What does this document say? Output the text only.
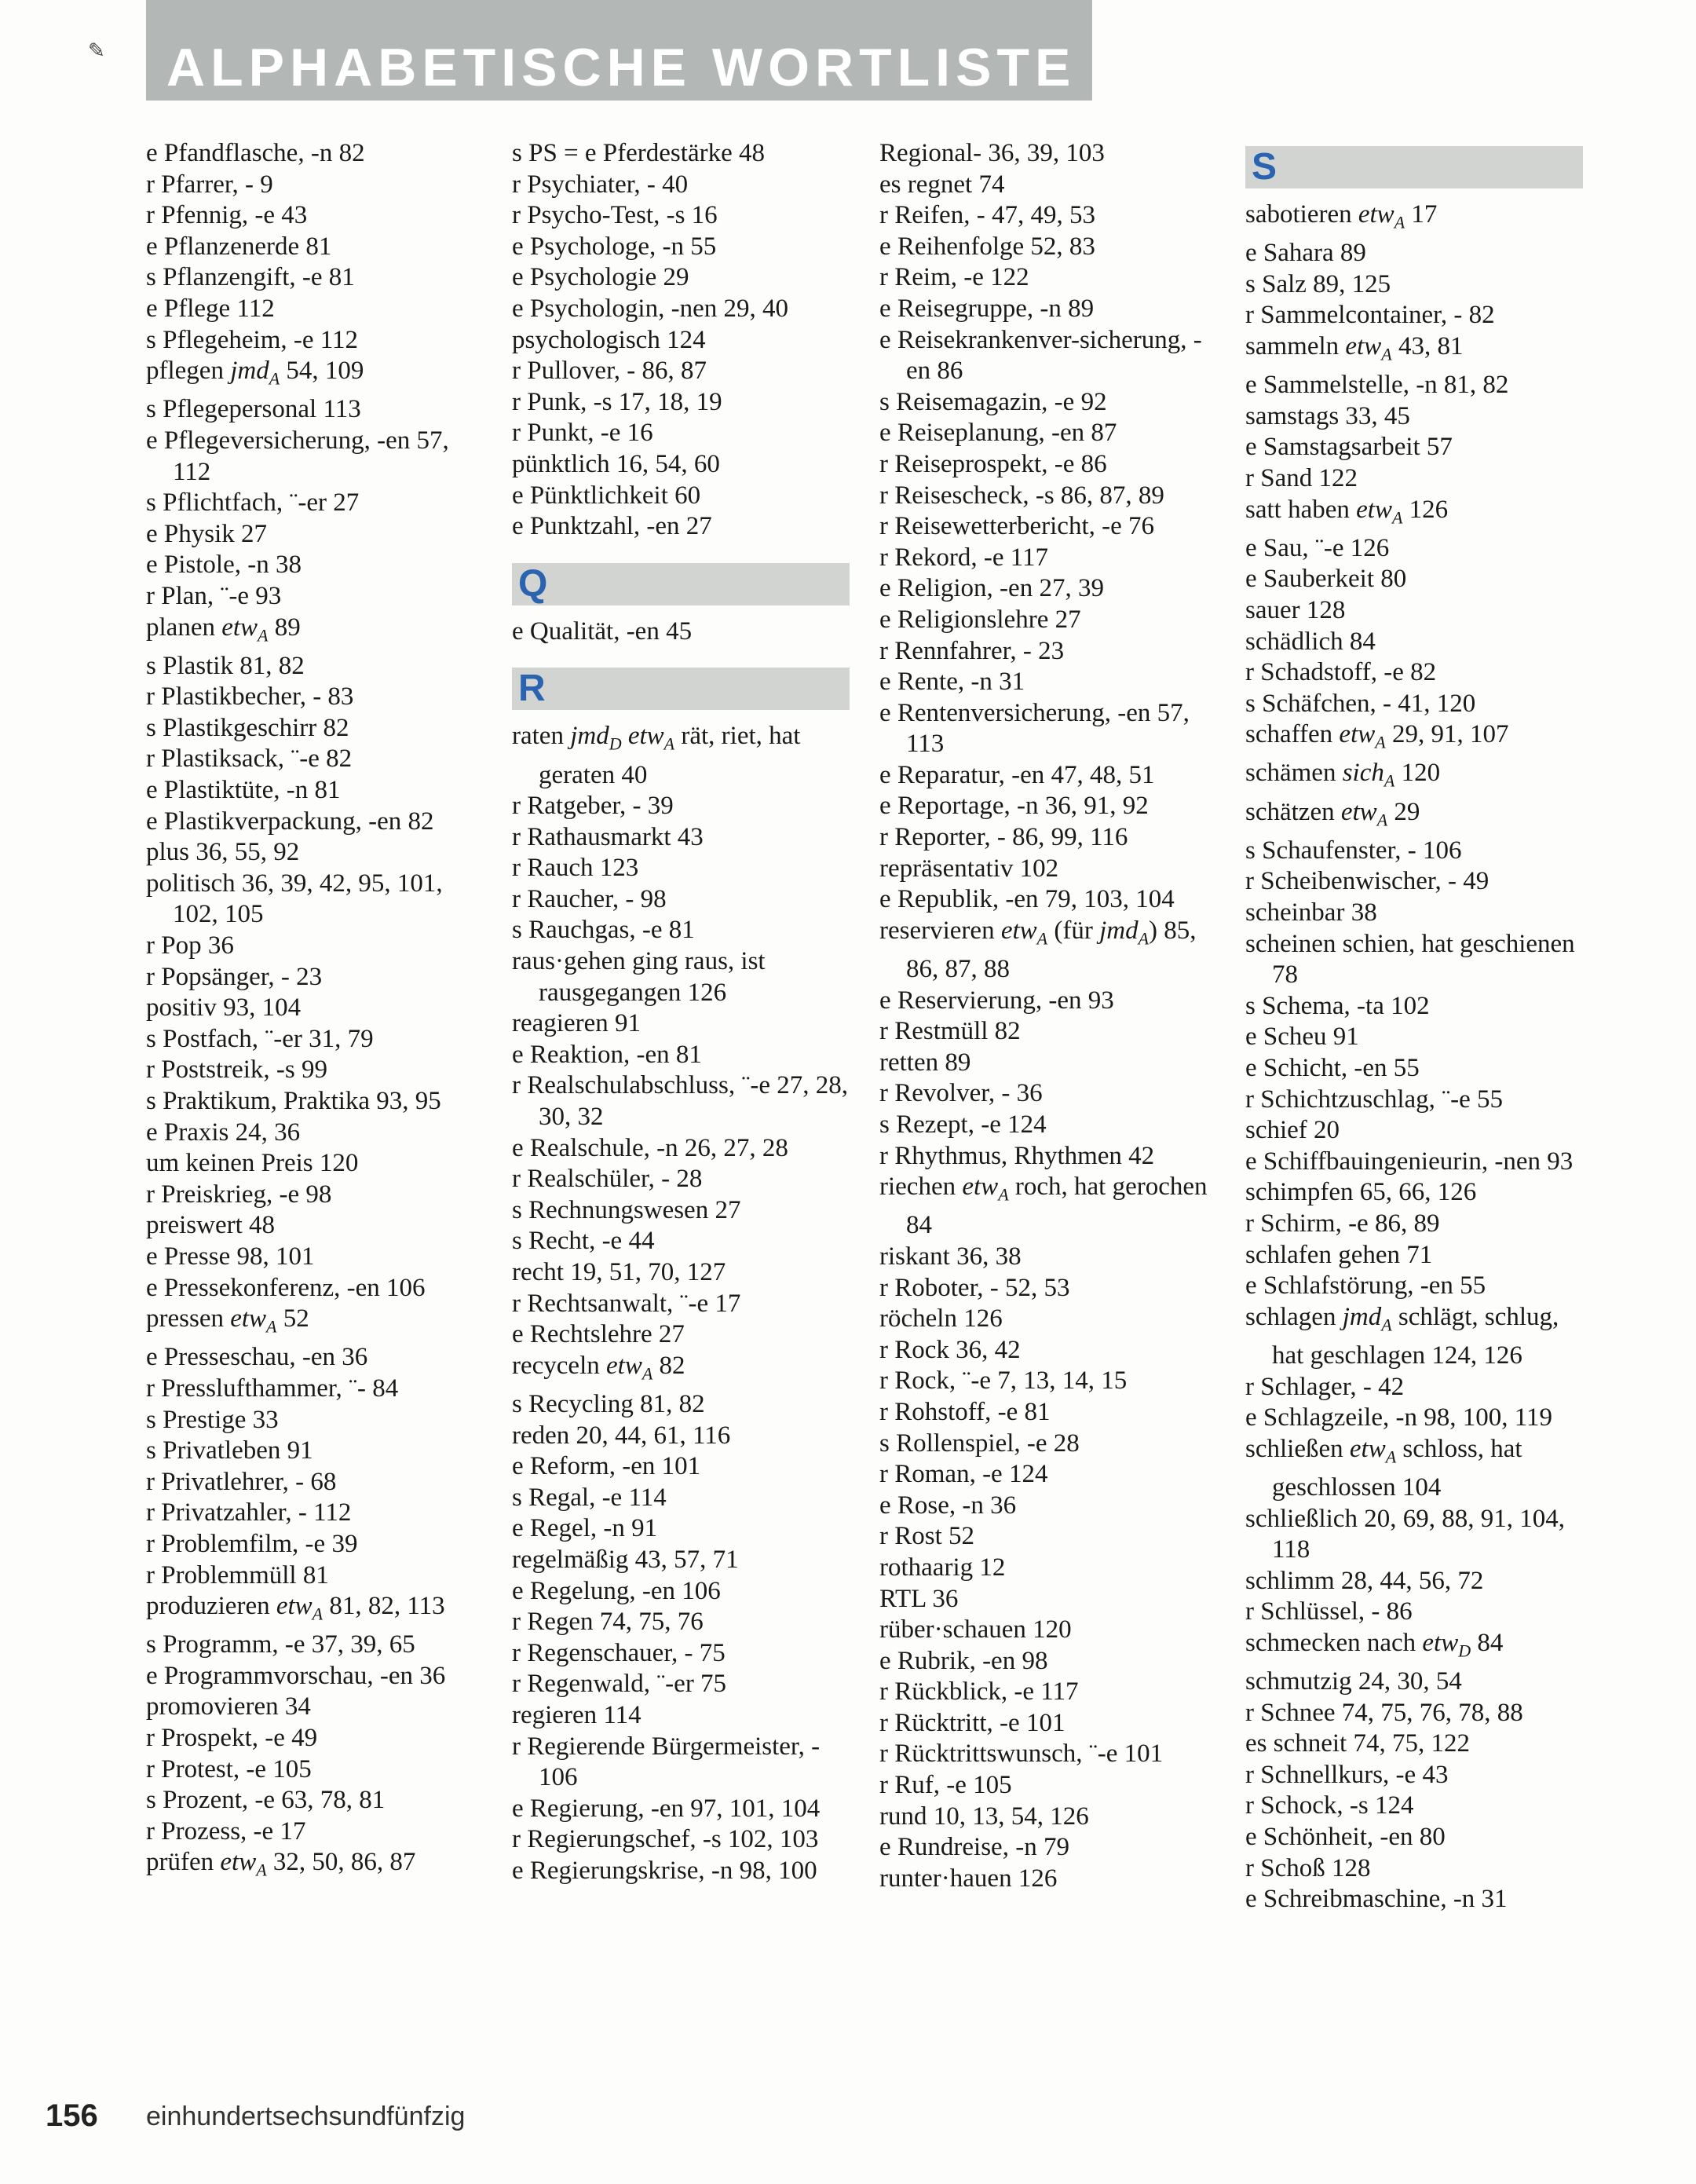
ALPHABETISCHE WORTLISTE
✎

e Pfandflasche, -n 82

r Pfarrer, - 9

r Pfennig, -e 43

e Pflanzenerde 81

s Pflanzengift, -e 81

e Pflege 112

s Pflegeheim, -e 112

pflegen jmd$_A$ 54, 109

s Pflegepersonal 113

e Pflegeversicherung, -en 57, 112

s Pflichtfach, ¨-er 27

e Physik 27

e Pistole, -n 38

r Plan, ¨-e 93

planen etw$_A$ 89

s Plastik 81, 82

r Plastikbecher, - 83

s Plastikgeschirr 82

r Plastiksack, ¨-e 82

e Plastiktüte, -n 81

e Plastikverpackung, -en 82

plus 36, 55, 92

politisch 36, 39, 42, 95, 101, 102, 105

r Pop 36

r Popsänger, - 23

positiv 93, 104

s Postfach, ¨-er 31, 79

r Poststreik, -s 99

s Praktikum, Praktika 93, 95

e Praxis 24, 36

um keinen Preis 120

r Preiskrieg, -e 98

preiswert 48

e Presse 98, 101

e Pressekonferenz, -en 106

pressen etw$_A$ 52

e Presseschau, -en 36

r Presslufthammer, ¨- 84

s Prestige 33

s Privatleben 91

r Privatlehrer, - 68

r Privatzahler, - 112

r Problemfilm, -e 39

r Problemmüll 81

produzieren etw$_A$ 81, 82, 113

s Programm, -e 37, 39, 65

e Programmvorschau, -en 36

promovieren 34

r Prospekt, -e 49

r Protest, -e 105

s Prozent, -e 63, 78, 81

r Prozess, -e 17

prüfen etw$_A$ 32, 50, 86, 87

s PS = e Pferdestärke 48

r Psychiater, - 40

r Psycho-Test, -s 16

e Psychologe, -n 55

e Psychologie 29

e Psychologin, -nen 29, 40

psychologisch 124

r Pullover, - 86, 87

r Punk, -s 17, 18, 19

r Punkt, -e 16

pünktlich 16, 54, 60

e Pünktlichkeit 60

e Punktzahl, -en 27

Q

e Qualität, -en 45

R

raten jmd$_D$ etw$_A$ rät, riet, hat geraten 40

r Ratgeber, - 39

r Rathausmarkt 43

r Rauch 123

r Raucher, - 98

s Rauchgas, -e 81

raus·gehen ging raus, ist rausgegangen 126

reagieren 91

e Reaktion, -en 81

r Realschulabschluss, ¨-e 27, 28, 30, 32

e Realschule, -n 26, 27, 28

r Realschüler, - 28

s Rechnungswesen 27

s Recht, -e 44

recht 19, 51, 70, 127

r Rechtsanwalt, ¨-e 17

e Rechtslehre 27

recyceln etw$_A$ 82

s Recycling 81, 82

reden 20, 44, 61, 116

e Reform, -en 101

s Regal, -e 114

e Regel, -n 91

regelmäßig 43, 57, 71

e Regelung, -en 106

r Regen 74, 75, 76

r Regenschauer, - 75

r Regenwald, ¨-er 75

regieren 114

r Regierende Bürgermeister, - 106

e Regierung, -en 97, 101, 104

r Regierungschef, -s 102, 103

e Regierungskrise, -n 98, 100

Regional- 36, 39, 103

es regnet 74

r Reifen, - 47, 49, 53

e Reihenfolge 52, 83

r Reim, -e 122

e Reisegruppe, -n 89

e Reisekrankenver-sicherung, -en 86

s Reisemagazin, -e 92

e Reiseplanung, -en 87

r Reiseprospekt, -e 86

r Reisescheck, -s 86, 87, 89

r Reisewetterbericht, -e 76

r Rekord, -e 117

e Religion, -en 27, 39

e Religionslehre 27

r Rennfahrer, - 23

e Rente, -n 31

e Rentenversicherung, -en 57, 113

e Reparatur, -en 47, 48, 51

e Reportage, -n 36, 91, 92

r Reporter, - 86, 99, 116

repräsentativ 102

e Republik, -en 79, 103, 104

reservieren etw$_A$ (für jmd$_A$) 85, 86, 87, 88

e Reservierung, -en 93

r Restmüll 82

retten 89

r Revolver, - 36

s Rezept, -e 124

r Rhythmus, Rhythmen 42

riechen etw$_A$ roch, hat gerochen 84

riskant 36, 38

r Roboter, - 52, 53

röcheln 126

r Rock 36, 42

r Rock, ¨-e 7, 13, 14, 15

r Rohstoff, -e 81

s Rollenspiel, -e 28

r Roman, -e 124

e Rose, -n 36

r Rost 52

rothaarig 12

RTL 36

rüber·schauen 120

e Rubrik, -en 98

r Rückblick, -e 117

r Rücktritt, -e 101

r Rücktrittswunsch, ¨-e 101

r Ruf, -e 105

rund 10, 13, 54, 126

e Rundreise, -n 79

runter·hauen 126

S

sabotieren etw$_A$ 17

e Sahara 89

s Salz 89, 125

r Sammelcontainer, - 82

sammeln etw$_A$ 43, 81

e Sammelstelle, -n 81, 82

samstags 33, 45

e Samstagsarbeit 57

r Sand 122

satt haben etw$_A$ 126

e Sau, ¨-e 126

e Sauberkeit 80

sauer 128

schädlich 84

r Schadstoff, -e 82

s Schäfchen, - 41, 120

schaffen etw$_A$ 29, 91, 107

schämen sich$_A$ 120

schätzen etw$_A$ 29

s Schaufenster, - 106

r Scheibenwischer, - 49

scheinbar 38

scheinen schien, hat geschienen 78

s Schema, -ta 102

e Scheu 91

e Schicht, -en 55

r Schichtzuschlag, ¨-e 55

schief 20

e Schiffbauingenieurin, -nen 93

schimpfen 65, 66, 126

r Schirm, -e 86, 89

schlafen gehen 71

e Schlafstörung, -en 55

schlagen jmd$_A$ schlägt, schlug, hat geschlagen 124, 126

r Schlager, - 42

e Schlagzeile, -n 98, 100, 119

schließen etw$_A$ schloss, hat geschlossen 104

schließlich 20, 69, 88, 91, 104, 118

schlimm 28, 44, 56, 72

r Schlüssel, - 86

schmecken nach etw$_D$ 84

schmutzig 24, 30, 54

r Schnee 74, 75, 76, 78, 88

es schneit 74, 75, 122

r Schnellkurs, -e 43

r Schock, -s 124

e Schönheit, -en 80

r Schoß 128

e Schreibmaschine, -n 31

156 einhundertsechsundfünfzig
